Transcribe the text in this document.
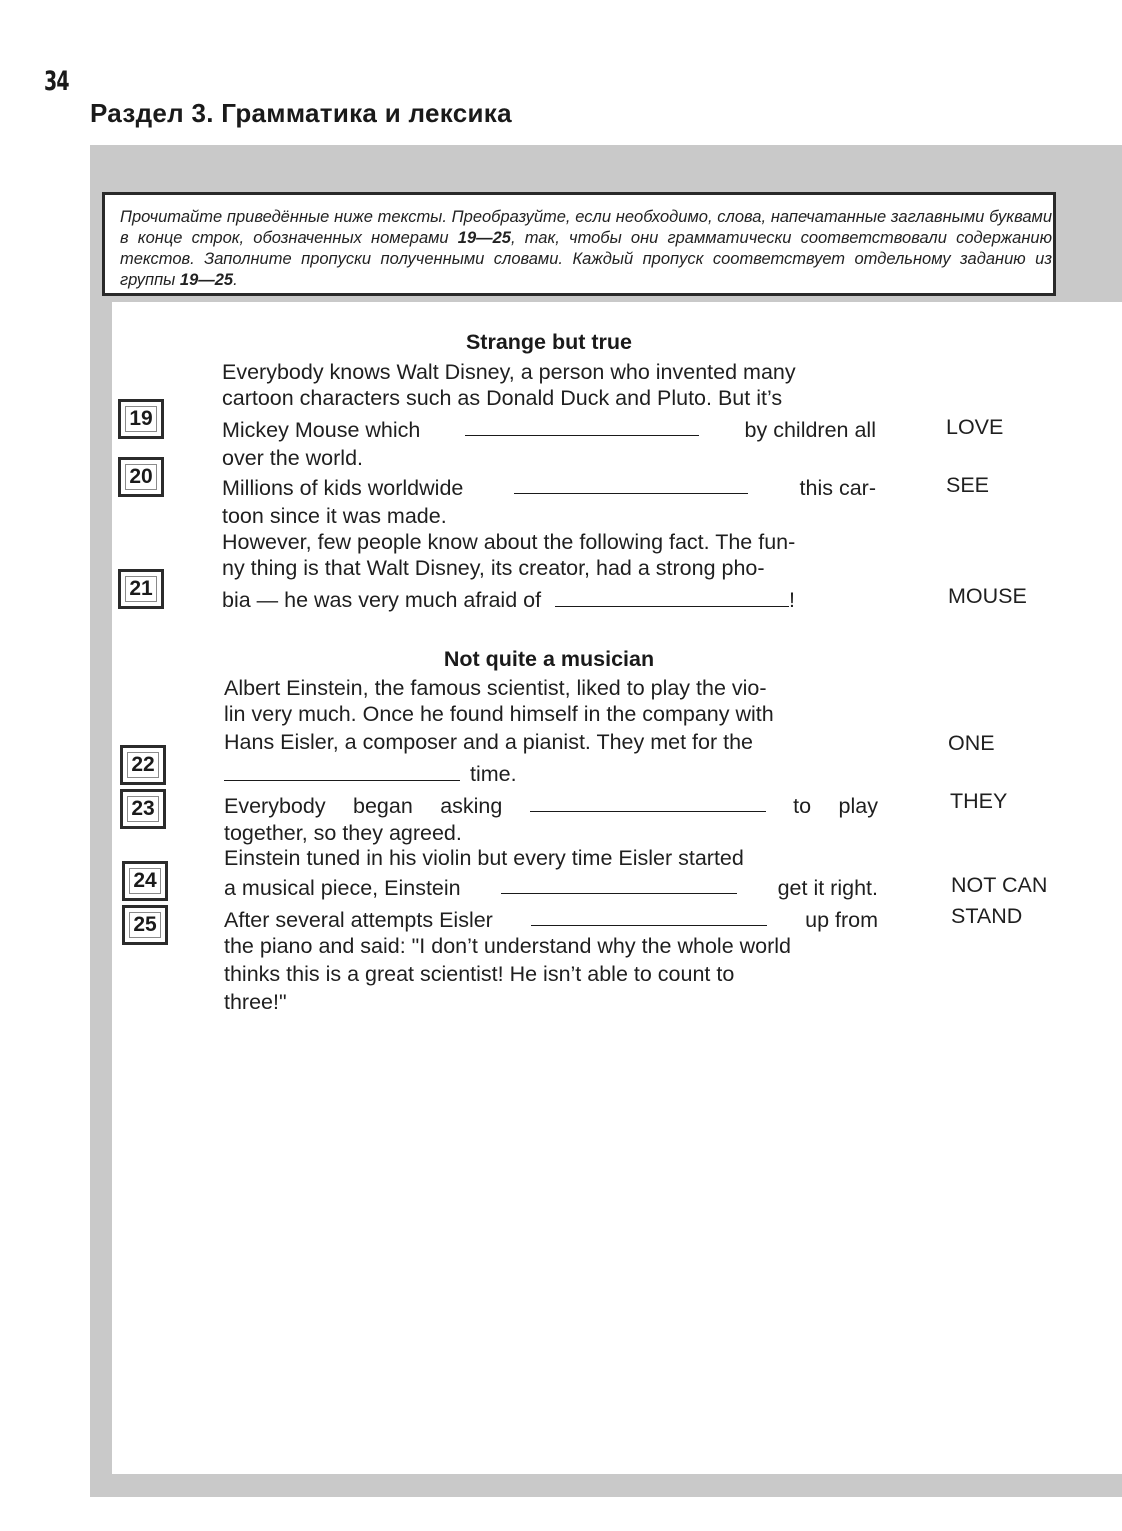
34
Раздел 3. Грамматика и лексика
Прочитайте приведённые ниже тексты. Преобразуйте, если необходимо, слова, напечатанные заглавными буквами в конце строк, обозначенных номерами 19—25, так, чтобы они грамматически соответствовали содержанию текстов. Заполните пропуски полученными словами. Каждый пропуск соответствует отдельному заданию из группы 19—25.
Strange but true
Everybody knows Walt Disney, a person who invented many
cartoon characters such as Donald Duck and Pluto. But it’s
Mickey Mouse which	by children all
over the world.
Millions of kids worldwide	this car-
toon since it was made.
However, few people know about the following fact. The fun-
ny thing is that Walt Disney, its creator, had a strong pho-
bia — he was very much afraid of	!
Not quite a musician
Albert Einstein, the famous scientist, liked to play the vio-
lin very much. Once he found himself in the company with
Hans Eisler, a composer and a pianist. They met for the
time.
Everybody began asking	to play
together, so they agreed.
Einstein tuned in his violin but every time Eisler started
a musical piece, Einstein	get it right.
After several attempts Eisler	up from
the piano and said: "I don’t understand why the whole world
thinks this is a great scientist! He isn’t able to count to
three!"
19
20
21
22
23
24
25
LOVE
SEE
MOUSE
ONE
THEY
NOT CAN
STAND
